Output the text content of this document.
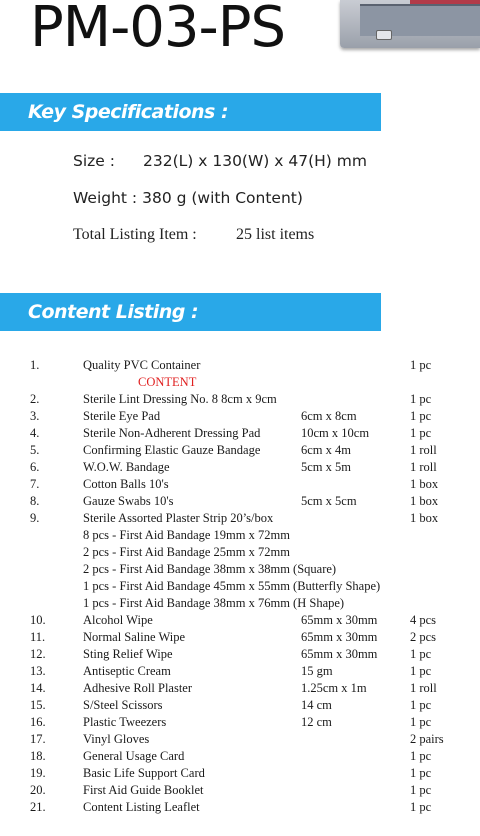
PM-03-PS
Key Specifications :
Size : 232(L) x 130(W) x 47(H) mm
Weight : 380 g (with Content)
Total Listing Item : 25 list items
Content Listing :
1.	Quality PVC Container	1 pc
CONTENT
2.	Sterile Lint Dressing No. 8 8cm x 9cm	1 pc
3.	Sterile Eye Pad	6cm x 8cm	1 pc
4.	Sterile Non-Adherent Dressing Pad	10cm x 10cm	1 pc
5.	Confirming Elastic Gauze Bandage	6cm x 4m	1 roll
6.	W.O.W. Bandage	5cm x 5m	1 roll
7.	Cotton Balls 10's	1 box
8.	Gauze Swabs 10's	5cm x 5cm	1 box
9.	Sterile Assorted Plaster Strip 20’s/box	1 box
8 pcs - First Aid Bandage 19mm x 72mm
2 pcs - First Aid Bandage 25mm x 72mm
2 pcs - First Aid Bandage 38mm x 38mm (Square)
1 pcs - First Aid Bandage 45mm x 55mm (Butterfly Shape)
1 pcs - First Aid Bandage 38mm x 76mm (H Shape)
10.	Alcohol Wipe	65mm x 30mm	4 pcs
11.	Normal Saline Wipe	65mm x 30mm	2 pcs
12.	Sting Relief Wipe	65mm x 30mm	1 pc
13.	Antiseptic Cream	15 gm	1 pc
14.	Adhesive Roll Plaster	1.25cm x 1m	1 roll
15.	S/Steel Scissors	14 cm	1 pc
16.	Plastic Tweezers	12 cm	1 pc
17.	Vinyl Gloves	2 pairs
18.	General Usage Card	1 pc
19.	Basic Life Support Card	1 pc
20.	First Aid Guide Booklet	1 pc
21.	Content Listing Leaflet	1 pc
